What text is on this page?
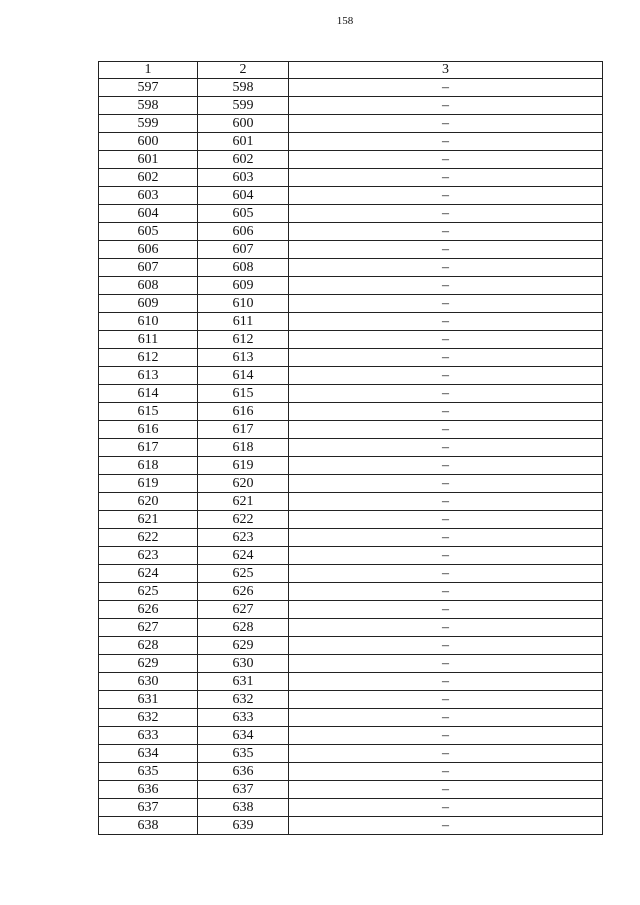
158
1	2	3
597	598	–
598	599	–
599	600	–
600	601	–
601	602	–
602	603	–
603	604	–
604	605	–
605	606	–
606	607	–
607	608	–
608	609	–
609	610	–
610	611	–
611	612	–
612	613	–
613	614	–
614	615	–
615	616	–
616	617	–
617	618	–
618	619	–
619	620	–
620	621	–
621	622	–
622	623	–
623	624	–
624	625	–
625	626	–
626	627	–
627	628	–
628	629	–
629	630	–
630	631	–
631	632	–
632	633	–
633	634	–
634	635	–
635	636	–
636	637	–
637	638	–
638	639	–
